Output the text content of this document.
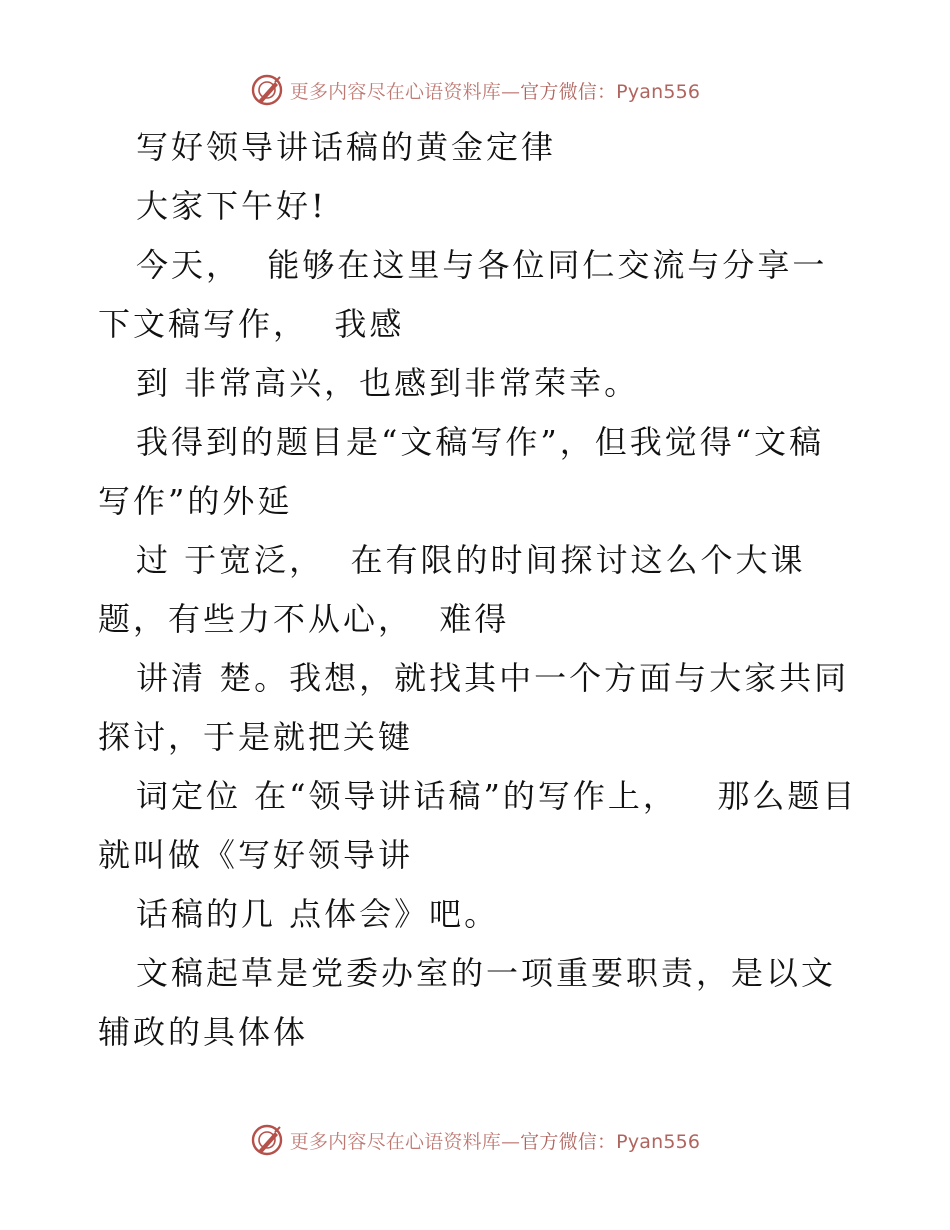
更多内容尽在心语资料库—官方微信：Pyan556

写好领导讲话稿的黄金定律

大家下午好!

今天，  能够在这里与各位同仁交流与分享一下文稿写作，  我感

到 非常高兴，也感到非常荣幸。

我得到的题目是“文稿写作”，但我觉得“文稿写作”的外延

过 于宽泛，  在有限的时间探讨这么个大课题，有些力不从心，  难得

讲清 楚。我想，就找其中一个方面与大家共同探讨，于是就把关键

词定位 在“领导讲话稿”的写作上，   那么题目就叫做《写好领导讲

话稿的几 点体会》吧。

文稿起草是党委办室的一项重要职责，是以文辅政的具体体

更多内容尽在心语资料库—官方微信：Pyan556
